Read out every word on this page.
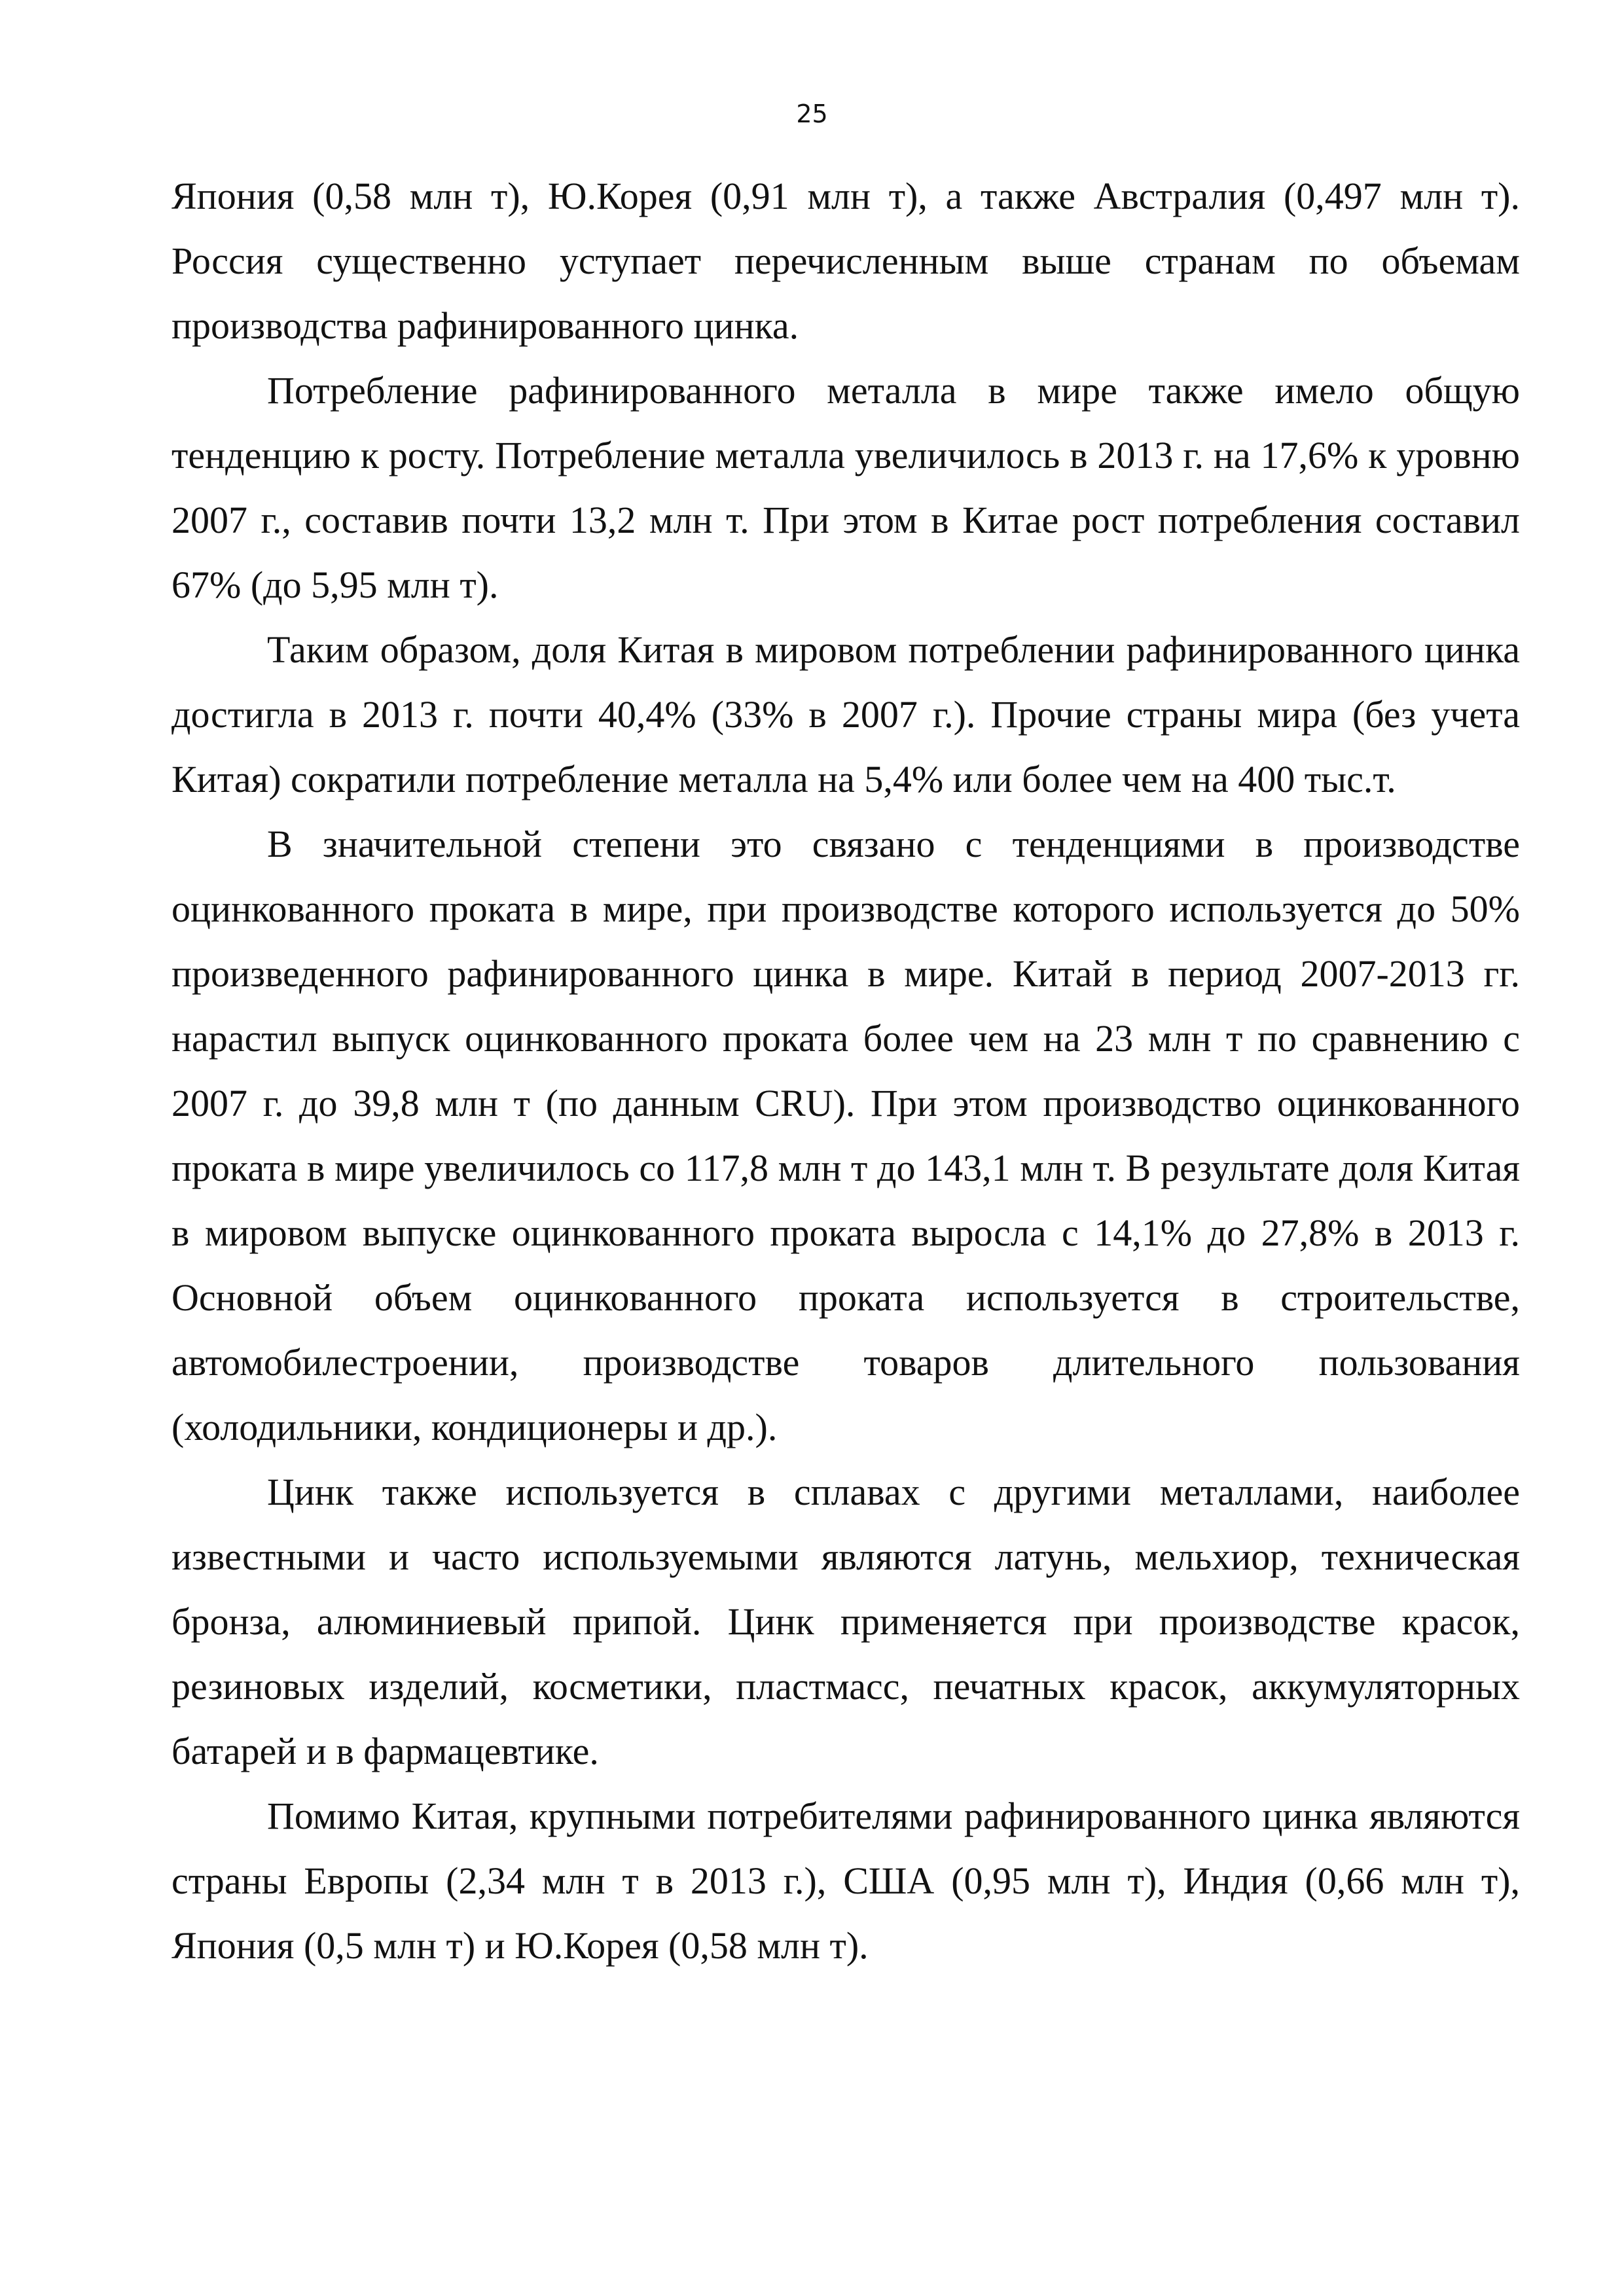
25

Япония (0,58 млн т), Ю.Корея (0,91 млн т), а также Австралия (0,497 млн т). Россия существенно уступает перечисленным выше странам по объемам производства рафинированного цинка.

Потребление рафинированного металла в мире также имело общую тенденцию к росту. Потребление металла увеличилось в 2013 г. на 17,6% к уровню 2007 г., составив почти 13,2 млн т. При этом в Китае рост потребления составил 67% (до 5,95 млн т).

Таким образом, доля Китая в мировом потреблении рафинированного цинка достигла в 2013 г. почти 40,4% (33% в 2007 г.). Прочие страны мира (без учета Китая) сократили потребление металла на 5,4% или более чем на 400 тыс.т.

В значительной степени это связано с тенденциями в производстве оцинкованного проката в мире, при производстве которого используется до 50% произведенного рафинированного цинка в мире. Китай в период 2007-2013 гг. нарастил выпуск оцинкованного проката более чем на 23 млн т по сравнению с 2007 г. до 39,8 млн т (по данным CRU). При этом производство оцинкованного проката в мире увеличилось со 117,8 млн т до 143,1 млн т. В результате доля Китая в мировом выпуске оцинкованного проката выросла с 14,1% до 27,8% в 2013 г. Основной объем оцинкованного проката используется в строительстве, автомобилестроении, производстве товаров длительного пользования (холодильники, кондиционеры и др.).

Цинк также используется в сплавах с другими металлами, наиболее известными и часто используемыми являются латунь, мельхиор, техническая бронза, алюминиевый припой. Цинк применяется при производстве красок, резиновых изделий, косметики, пластмасс, печатных красок, аккумуляторных батарей и в фармацевтике.

Помимо Китая, крупными потребителями рафинированного цинка являются страны Европы (2,34 млн т в 2013 г.), США (0,95 млн т), Индия (0,66 млн т), Япония (0,5 млн т) и Ю.Корея (0,58 млн т).
